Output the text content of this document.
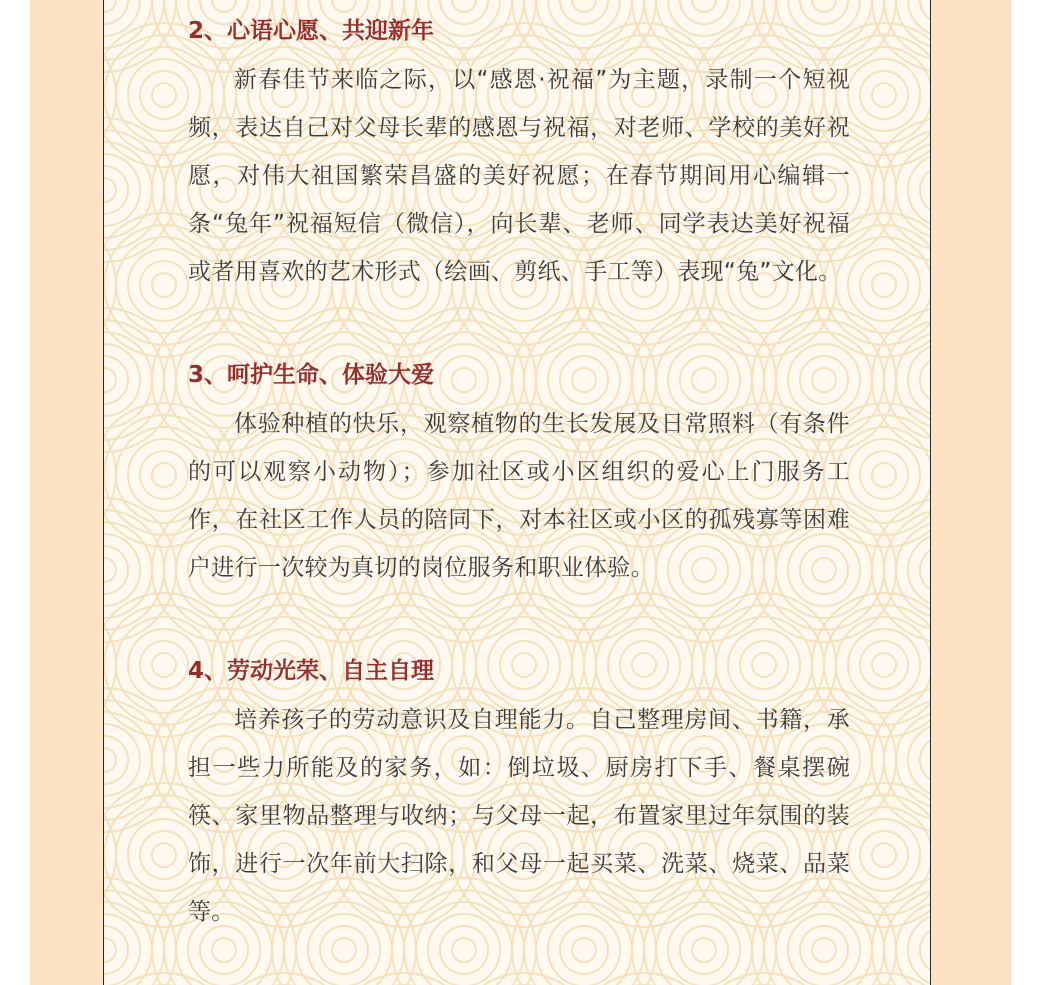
2、心语心愿、共迎新年

新春佳节来临之际，以“感恩·祝福”为主题，录制一个短视频，表达自己对父母长辈的感恩与祝福，对老师、学校的美好祝愿，对伟大祖国繁荣昌盛的美好祝愿；在春节期间用心编辑一条“兔年”祝福短信（微信），向长辈、老师、同学表达美好祝福或者用喜欢的艺术形式（绘画、剪纸、手工等）表现“兔”文化。

3、呵护生命、体验大爱

体验种植的快乐，观察植物的生长发展及日常照料（有条件的可以观察小动物）；参加社区或小区组织的爱心上门服务工作，在社区工作人员的陪同下，对本社区或小区的孤残寡等困难户进行一次较为真切的岗位服务和职业体验。

4、劳动光荣、自主自理

培养孩子的劳动意识及自理能力。自己整理房间、书籍，承担一些力所能及的家务，如：倒垃圾、厨房打下手、餐桌摆碗筷、家里物品整理与收纳；与父母一起，布置家里过年氛围的装饰，进行一次年前大扫除，和父母一起买菜、洗菜、烧菜、品菜等。
